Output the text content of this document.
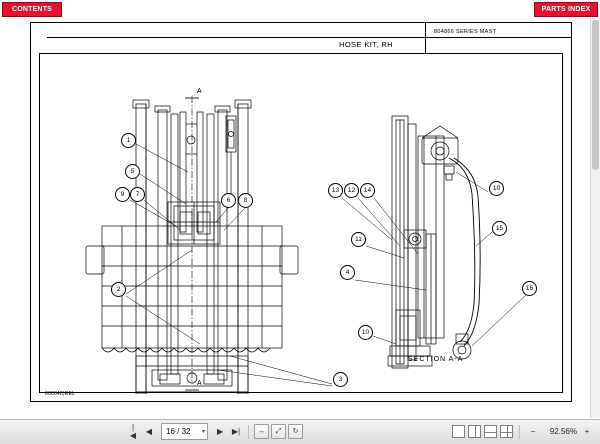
CONTENTS	PARTS INDEX
HOSE KIT, RH
804866 SERIES MAST
SECTION A-A
A
A
1
5
9	7
6	8
2
3
13	12	14
11
4
10
10
15
16
808048)REL
|◀	◀	16 / 32	▾	▶	▶|	↔	⤢	↻	−	92.56% +
